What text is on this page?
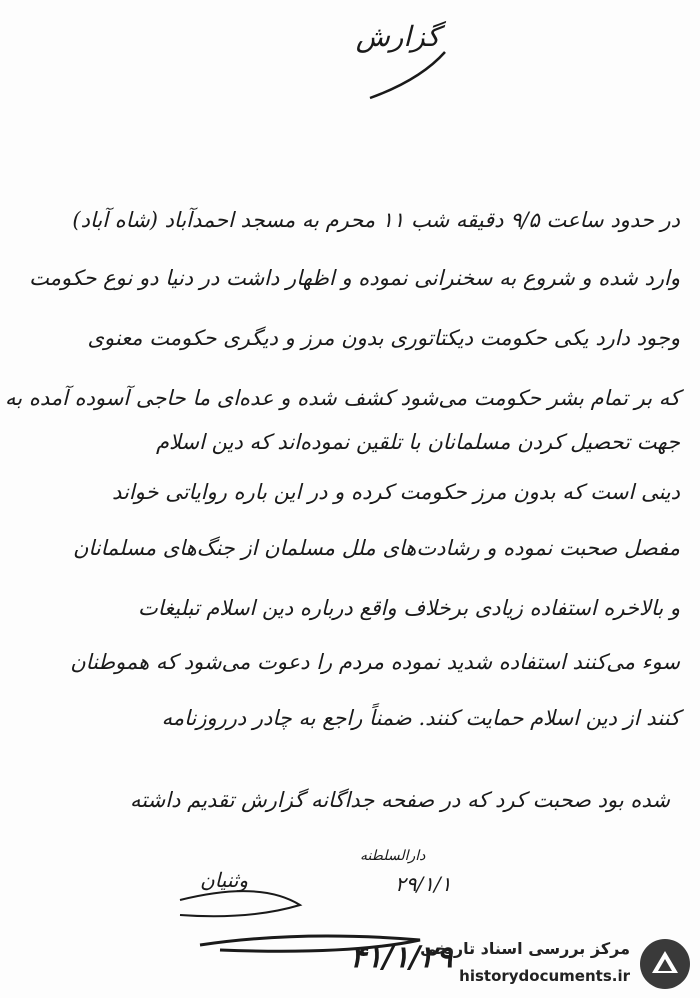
گزارش
در حدود ساعت ۹/۵ دقیقه شب ۱۱ محرم به مسجد احمدآباد (شاه آباد)
وارد شده و شروع به سخنرانی نموده و اظهار داشت در دنیا دو نوع حکومت
وجود دارد یکی حکومت دیکتاتوری بدون مرز و دیگری حکومت معنوی
که بر تمام بشر حکومت می‌شود کشف شده و عده‌ای ما حاجی آسوده آمده به
جهت تحصیل کردن مسلمانان با تلقین نموده‌اند که دین اسلام
دینی است که بدون مرز حکومت کرده و در این باره روایاتی خواند
مفصل صحبت نموده و رشادت‌های ملل مسلمان از جنگ‌های مسلمانان
و بالاخره استفاده زیادی برخلاف واقع درباره دین اسلام تبلیغات
سوء می‌کنند استفاده شدید نموده مردم را دعوت می‌شود که هموطنان
کنند از دین اسلام حمایت کنند. ضمناً راجع به چادر درروزنامه
شده بود صحبت کرد که در صفحه جداگانه گزارش تقدیم داشته
دارالسلطنه
۲۹/۱/۱
وثنیان
۴۱/۱/۲۹
مرکز بررسی اسناد تاریخی
historydocuments.ir
